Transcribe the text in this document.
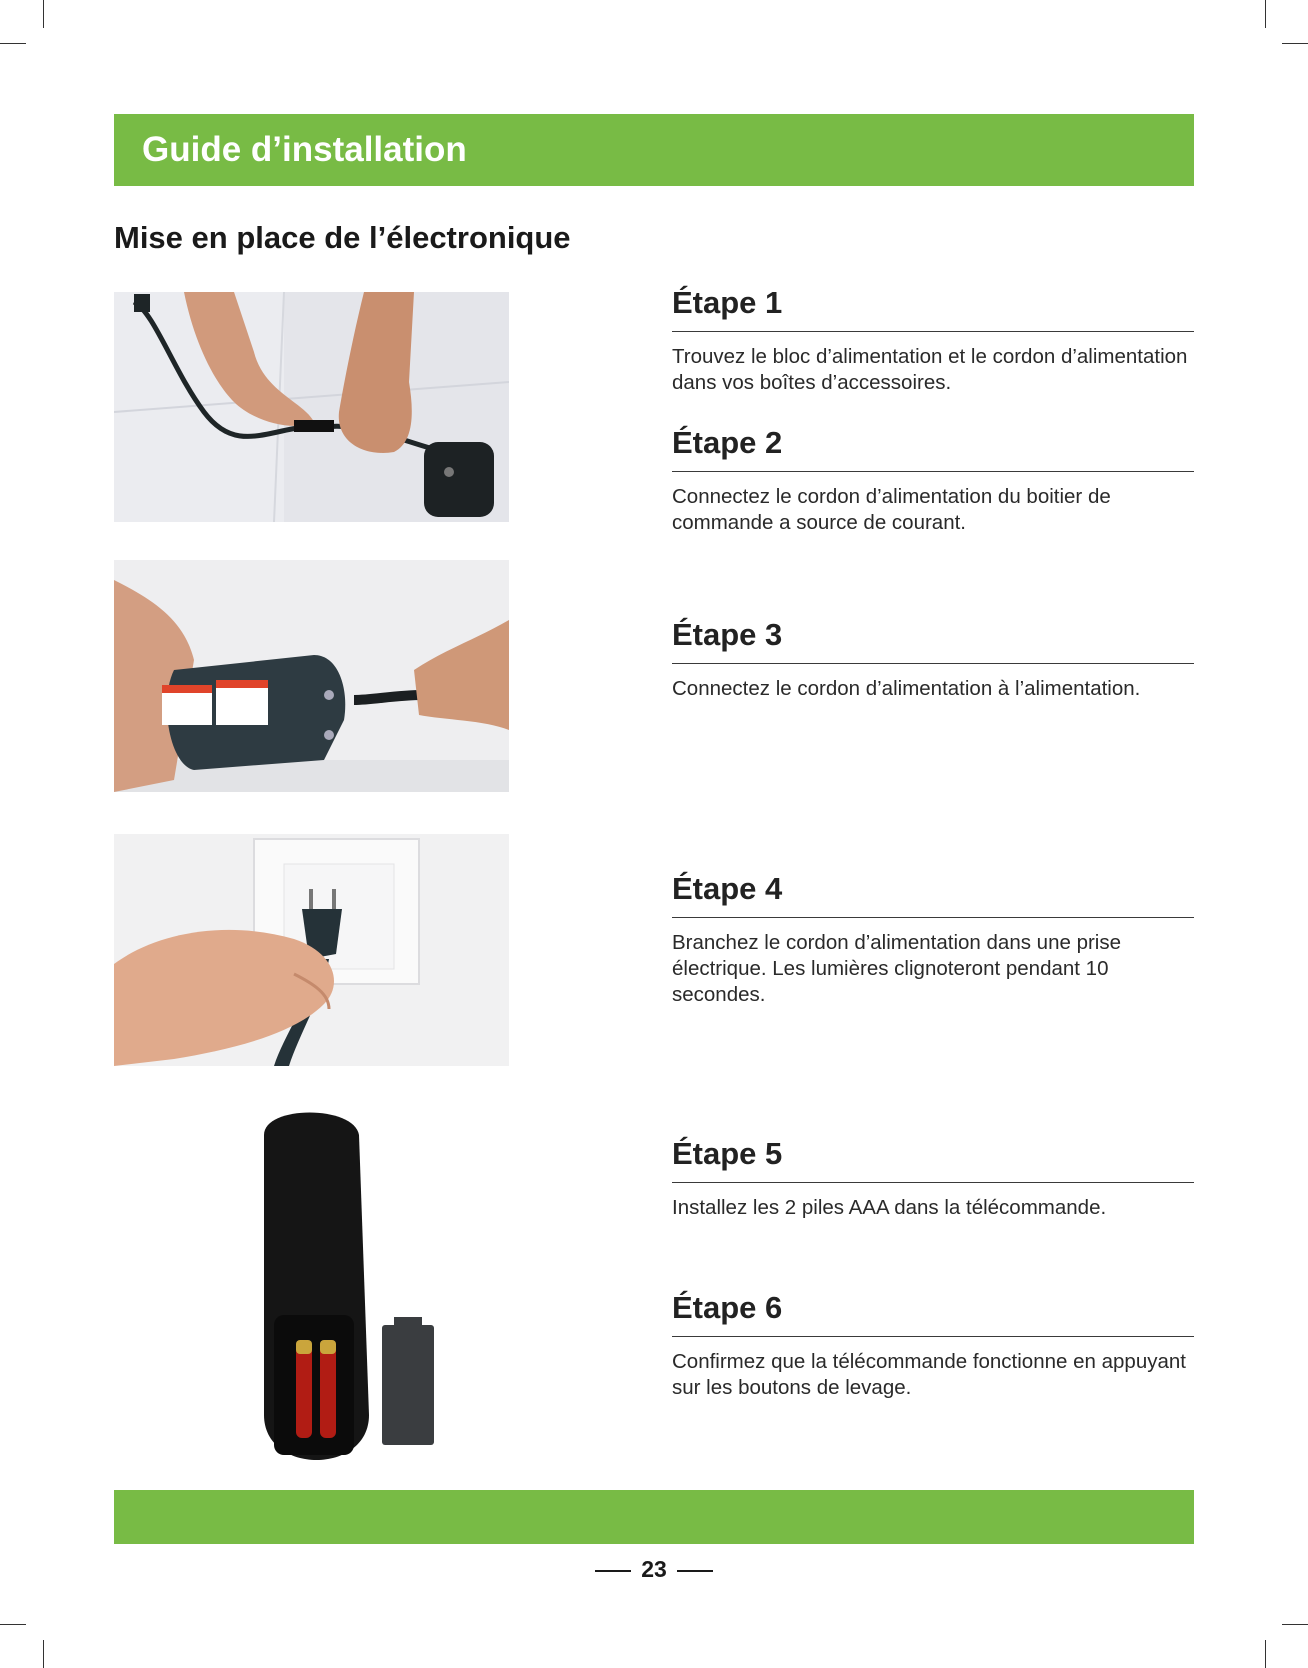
Guide d’installation
Mise en place de l’électronique
Étape 1
Trouvez le bloc d’alimentation et le cordon d’alimentation dans vos boîtes d’accessoires.
Étape 2
Connectez le cordon d’alimentation du boitier de commande a source de courant.
Étape 3
Connectez le cordon d’alimentation à l’alimentation.
Étape 4
Branchez le cordon d’alimentation dans une prise électrique. Les lumières clignoteront pendant 10 secondes.
Étape 5
Installez les 2 piles AAA dans la télécommande.
Étape 6
Confirmez que la télécommande fonctionne en appuyant sur les boutons de levage.
23
